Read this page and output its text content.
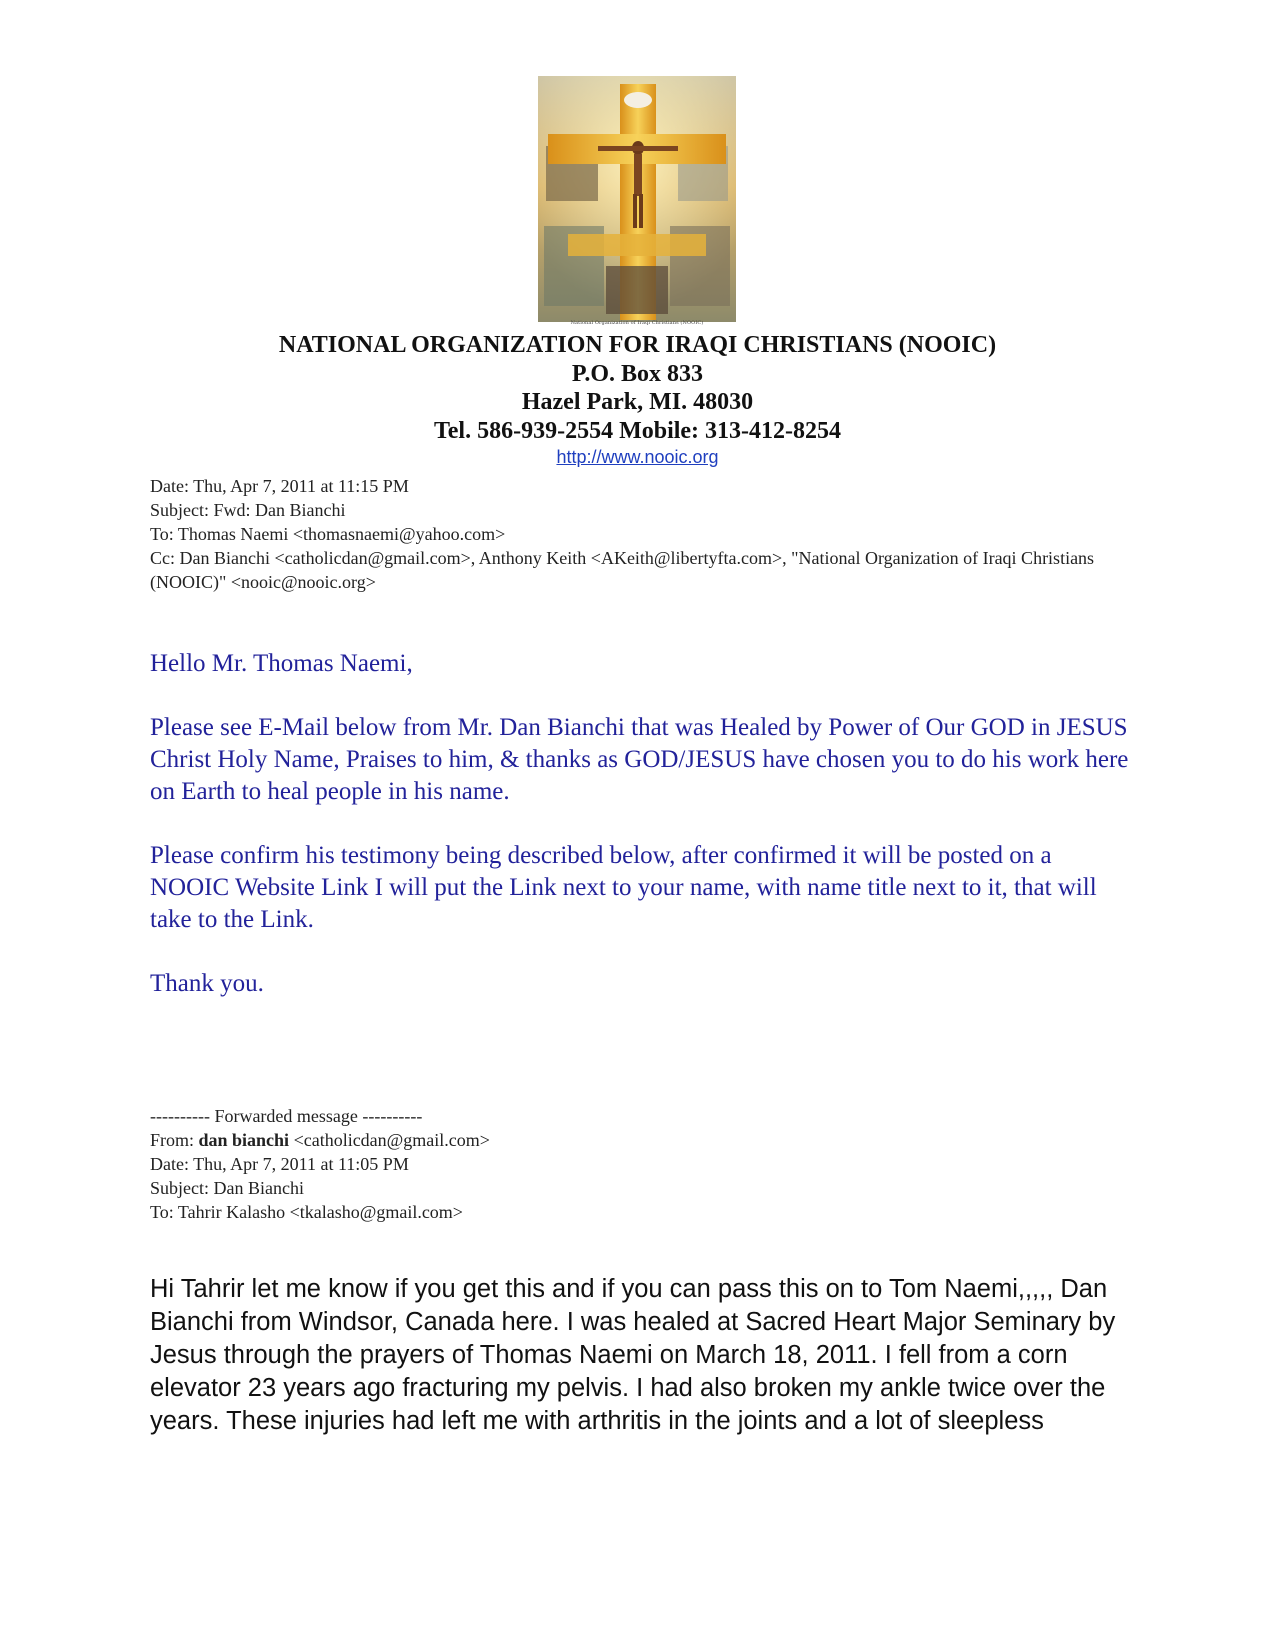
National Organization of Iraqi Christians (NOOIC)
NATIONAL ORGANIZATION FOR IRAQI CHRISTIANS (NOOIC)
P.O. Box 833
Hazel Park, MI. 48030
Tel. 586-939-2554 Mobile: 313-412-8254
http://www.nooic.org
Date: Thu, Apr 7, 2011 at 11:15 PM
Subject: Fwd: Dan Bianchi
To: Thomas Naemi <thomasnaemi@yahoo.com>
Cc: Dan Bianchi <catholicdan@gmail.com>, Anthony Keith <AKeith@libertyfta.com>, "National Organization of Iraqi Christians (NOOIC)" <nooic@nooic.org>

Hello Mr. Thomas Naemi,

Please see E-Mail below from Mr. Dan Bianchi that was Healed by Power of Our GOD in JESUS Christ Holy Name, Praises to him, & thanks as GOD/JESUS have chosen you to do his work here on Earth to heal people in his name.

Please confirm his testimony being described below, after confirmed it will be posted on a NOOIC Website Link I will put the Link next to your name, with name title next to it, that will take to the Link.

Thank you.

---------- Forwarded message ----------
From: dan bianchi <catholicdan@gmail.com>
Date: Thu, Apr 7, 2011 at 11:05 PM
Subject: Dan Bianchi
To: Tahrir Kalasho <tkalasho@gmail.com>

Hi Tahrir let me know if you get this and if you can pass this on to Tom Naemi,,,,, Dan Bianchi from Windsor, Canada here. I was healed at Sacred Heart Major Seminary by Jesus through the prayers of Thomas Naemi on March 18, 2011. I fell from a corn elevator 23 years ago fracturing my pelvis. I had also broken my ankle twice over the years. These injuries had left me with arthritis in the joints and a lot of sleepless
